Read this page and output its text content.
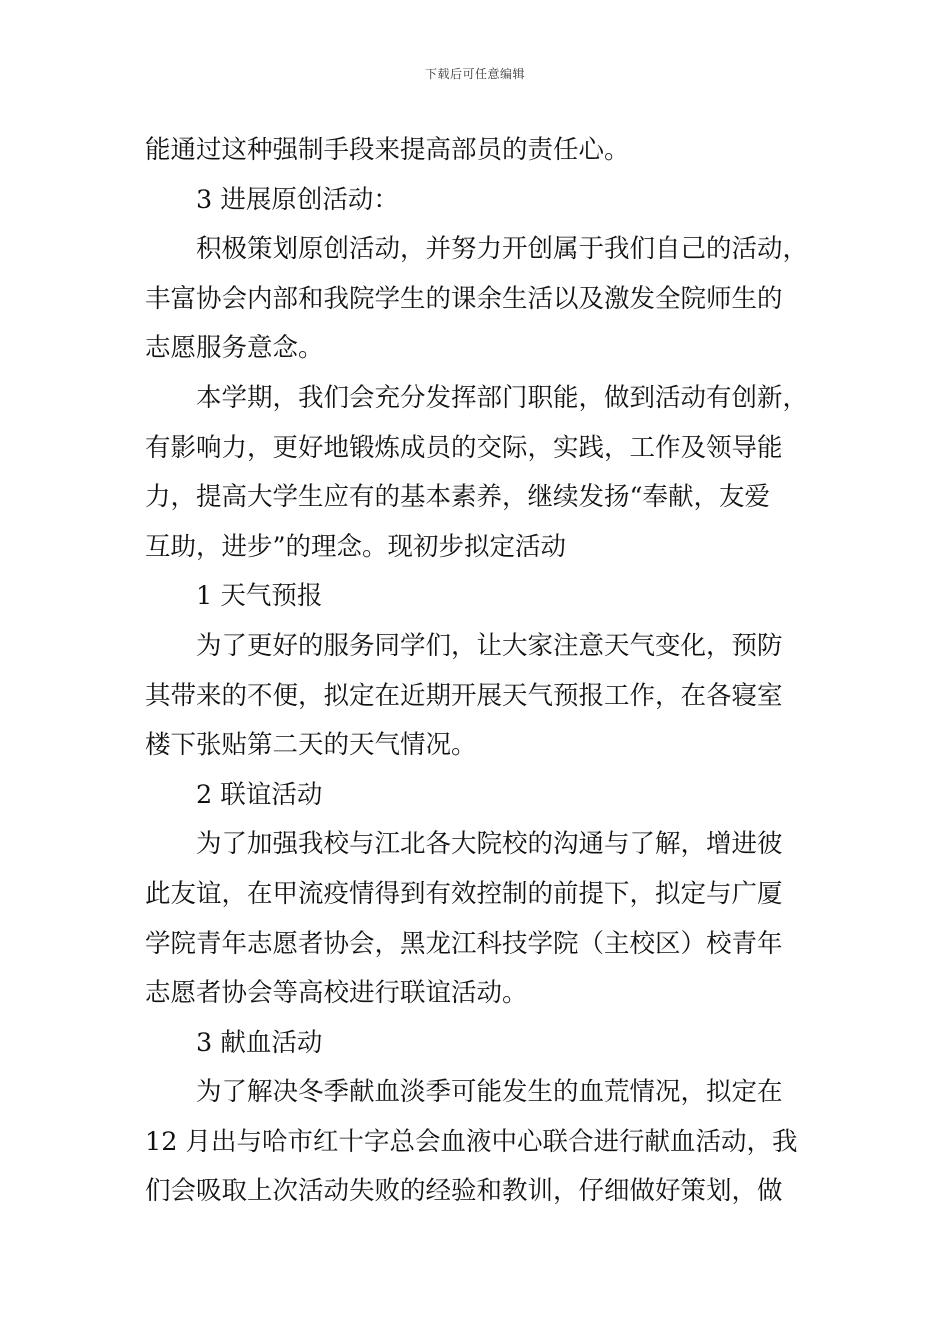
下载后可任意编辑
能通过这种强制手段来提高部员的责任心。
3 进展原创活动：
积极策划原创活动，并努力开创属于我们自己的活动，
丰富协会内部和我院学生的课余生活以及激发全院师生的
志愿服务意念。
本学期，我们会充分发挥部门职能，做到活动有创新，
有影响力，更好地锻炼成员的交际，实践，工作及领导能
力，提高大学生应有的基本素养，继续发扬“奉献，友爱
互助，进步”的理念。现初步拟定活动
1 天气预报
为了更好的服务同学们，让大家注意天气变化，预防
其带来的不便，拟定在近期开展天气预报工作，在各寝室
楼下张贴第二天的天气情况。
2 联谊活动
为了加强我校与江北各大院校的沟通与了解，增进彼
此友谊，在甲流疫情得到有效控制的前提下，拟定与广厦
学院青年志愿者协会，黑龙江科技学院（主校区）校青年
志愿者协会等高校进行联谊活动。
3 献血活动
为了解决冬季献血淡季可能发生的血荒情况，拟定在
12 月出与哈市红十字总会血液中心联合进行献血活动，我
们会吸取上次活动失败的经验和教训，仔细做好策划，做
